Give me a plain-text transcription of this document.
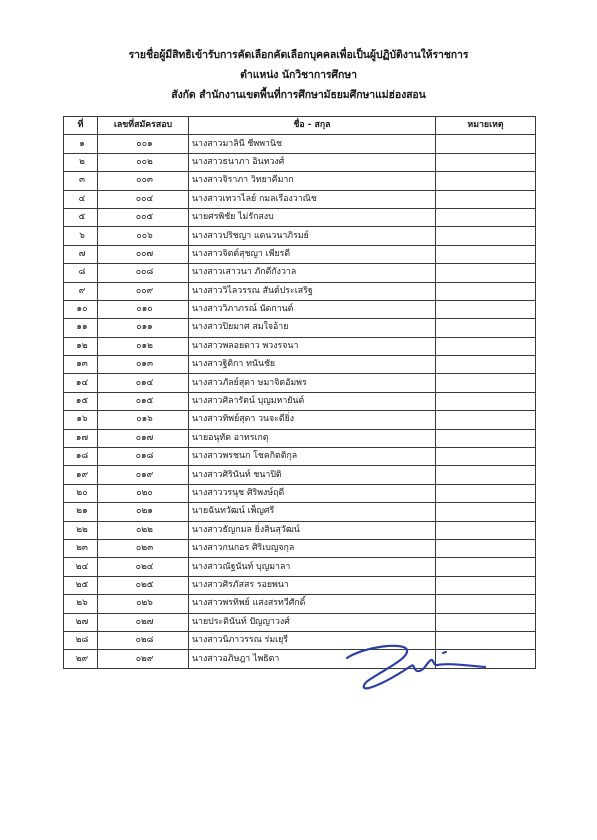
รายชื่อผู้มีสิทธิเข้ารับการคัดเลือกคัดเลือกบุคคลเพื่อเป็นผู้ปฏิบัติงานให้ราชการ
ตำแหน่ง นักวิชาการศึกษา
สังกัด สำนักงานเขตพื้นที่การศึกษามัธยมศึกษาแม่ฮ่องสอน
ที่	เลขที่สมัครสอบ	ชื่อ - สกุล	หมายเหตุ
๑	๐๐๑	นางสาวมาลินี ชีพพานิช	
๒	๐๐๒	นางสาวธนาภา อินทวงศ์	
๓	๐๐๓	นางสาวจิราภา วิทยาคีมาก	
๔	๐๐๔	นางสาวเทวาไลย์ กมลเรืองวาณิช	
๕	๐๐๕	นายศรพิชัย ไม่รักสงบ	
๖	๐๐๖	นางสาวปริชญา แดนวนาภิรมย์	
๗	๐๐๗	นางสาวจิตต์สุชญา เพียรดี	
๘	๐๐๘	นางสาวเสาวนา ภักดีกังวาล	
๙	๐๐๙	นางสาววิไลวรรณ สันต์ประเสริฐ	
๑๐	๐๑๐	นางสาววิภาภรณ์ นัดกานต์	
๑๑	๐๑๑	นางสาวปิยมาศ สมใจอ้าย	
๑๒	๐๑๒	นางสาวพลอยดาว พวงรจนา	
๑๓	๐๑๓	นางสาวฐิติกา ทนันชัย	
๑๔	๐๑๔	นางสาวภัลย์สุดา ษมาจิตอัมพร	
๑๕	๐๑๕	นางสาวศิลารัตน์ บุญมหายันต์	
๑๖	๐๑๖	นางสาวทิพย์สุดา วนจะดียิ่ง	
๑๗	๐๑๗	นายอนุทัต อาทรเกตุ	
๑๘	๐๑๘	นางสาวพรชนก โชคกิตติกุล	
๑๙	๐๑๙	นางสาวศิรินันท์ ชนาปิติ	
๒๐	๐๒๐	นางสาววรนุช ศิริพงษ์ฤดี	
๒๑	๐๒๑	นายฉันทวัฒน์ เพ็ญศรี	
๒๒	๐๒๒	นางสาวธัญกมล ยิ่งสินสุวัฒน์	
๒๓	๐๒๓	นางสาวกนกอร ศิริเบญจกุล	
๒๔	๐๒๔	นางสาวณัฐนันท์ บุญมาลา	
๒๕	๐๒๕	นางสาวศิรภัสสร รอยพนา	
๒๖	๐๒๖	นางสาวพรทิพย์ แสงสรทวีศักดิ์	
๒๗	๐๒๗	นายประดินันท์ ปัญญาวงศ์	
๒๘	๐๒๘	นางสาวนิภาวรรณ ร่มเยุรี	
๒๙	๐๒๙	นางสาวอภิษฎา ไพธิตา	
